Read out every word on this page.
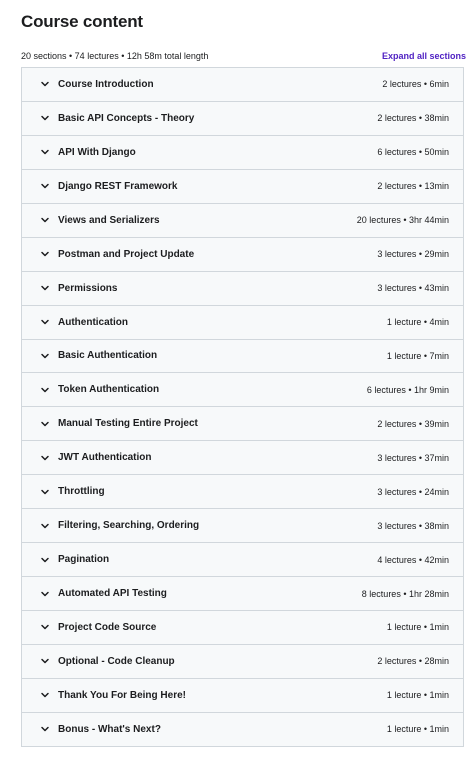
Course content
20 sections • 74 lectures • 12h 58m total length	Expand all sections
Course Introduction	2 lectures • 6min
Basic API Concepts - Theory	2 lectures • 38min
API With Django	6 lectures • 50min
Django REST Framework	2 lectures • 13min
Views and Serializers	20 lectures • 3hr 44min
Postman and Project Update	3 lectures • 29min
Permissions	3 lectures • 43min
Authentication	1 lecture • 4min
Basic Authentication	1 lecture • 7min
Token Authentication	6 lectures • 1hr 9min
Manual Testing Entire Project	2 lectures • 39min
JWT Authentication	3 lectures • 37min
Throttling	3 lectures • 24min
Filtering, Searching, Ordering	3 lectures • 38min
Pagination	4 lectures • 42min
Automated API Testing	8 lectures • 1hr 28min
Project Code Source	1 lecture • 1min
Optional - Code Cleanup	2 lectures • 28min
Thank You For Being Here!	1 lecture • 1min
Bonus - What's Next?	1 lecture • 1min
